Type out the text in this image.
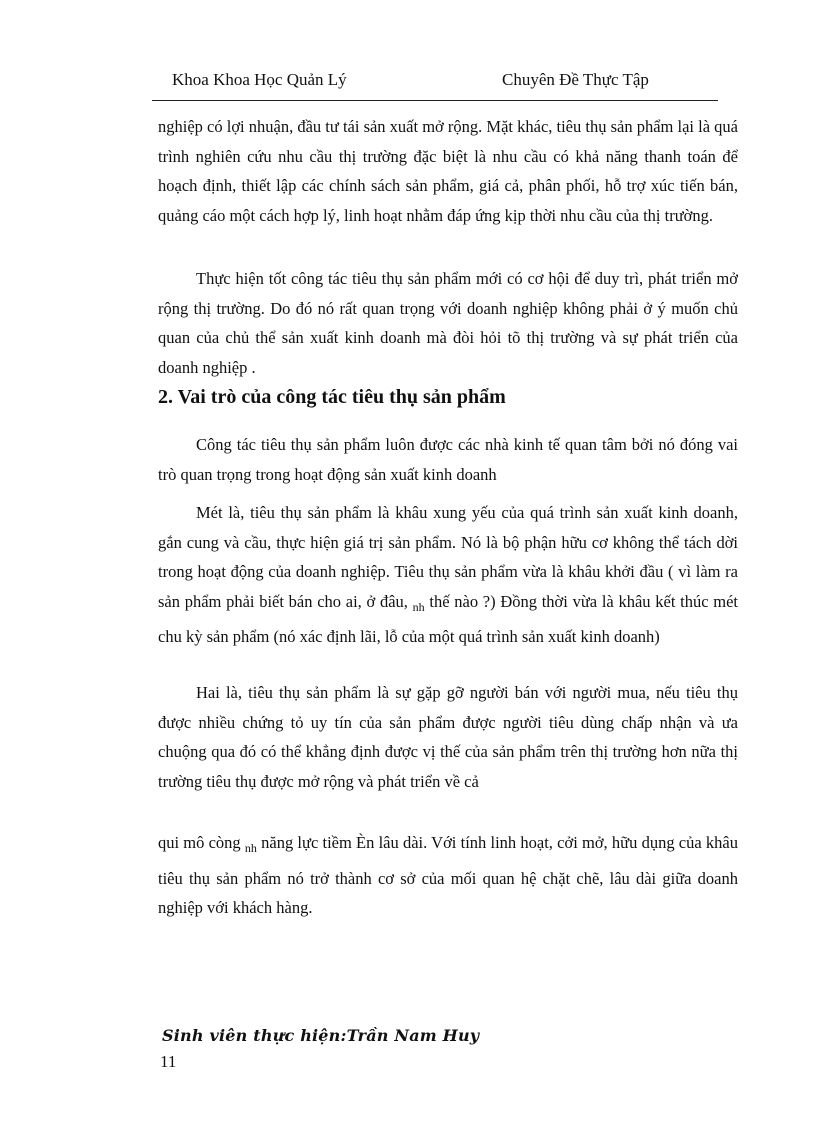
Khoa Khoa Học Quản Lý	Chuyên Đề Thực Tập

nghiệp có lợi nhuận, đầu tư tái sản xuất mở rộng. Mặt khác, tiêu thụ sản phẩm lại là quá trình nghiên cứu nhu cầu thị trường đặc biệt là nhu cầu có khả năng thanh toán để hoạch định, thiết lập các chính sách sản phẩm, giá cả, phân phối, hỗ trợ xúc tiến bán, quảng cáo một cách hợp lý, linh hoạt nhằm đáp ứng kịp thời nhu cầu của thị trường.

Thực hiện tốt công tác tiêu thụ sản phẩm mới có cơ hội để duy trì, phát triển mở rộng thị trường. Do đó nó rất quan trọng với doanh nghiệp không phải ở ý muốn chủ quan của chủ thể sản xuất kinh doanh mà đòi hỏi tõ thị trường và sự phát triển của doanh nghiệp .

2. Vai trò của công tác tiêu thụ sản phẩm

Công tác tiêu thụ sản phẩm luôn được các nhà kinh tế quan tâm bởi nó đóng vai trò quan trọng trong hoạt động sản xuất kinh doanh

Mét là, tiêu thụ sản phẩm là khâu xung yếu của quá trình sản xuất kinh doanh, gắn cung và cầu, thực hiện giá trị sản phẩm. Nó là bộ phận hữu cơ không thể tách dời trong hoạt động của doanh nghiệp. Tiêu thụ sản phẩm vừa là khâu khởi đầu ( vì làm ra sản phẩm phải biết bán cho ai, ở đâu, $_{nh}$ thế nào ?) Đồng thời vừa là khâu kết thúc mét chu kỳ sản phẩm (nó xác định lãi, lỗ của một quá trình sản xuất kinh doanh)

Hai là, tiêu thụ sản phẩm là sự gặp gỡ người bán với người mua, nếu tiêu thụ được nhiều chứng tỏ uy tín của sản phẩm được người tiêu dùng chấp nhận và ưa chuộng qua đó có thể khẳng định được vị thế của sản phẩm trên thị trường hơn nữa thị trường tiêu thụ được mở rộng và phát triển về cả

qui mô còng $_{nh}$ năng lực tiềm Èn lâu dài. Với tính linh hoạt, cởi mở, hữu dụng của khâu tiêu thụ sản phẩm nó trở thành cơ sở của mối quan hệ chặt chẽ, lâu dài giữa doanh nghiệp với khách hàng.

Sinh viên thực hiện:Trần Nam Huy
11
